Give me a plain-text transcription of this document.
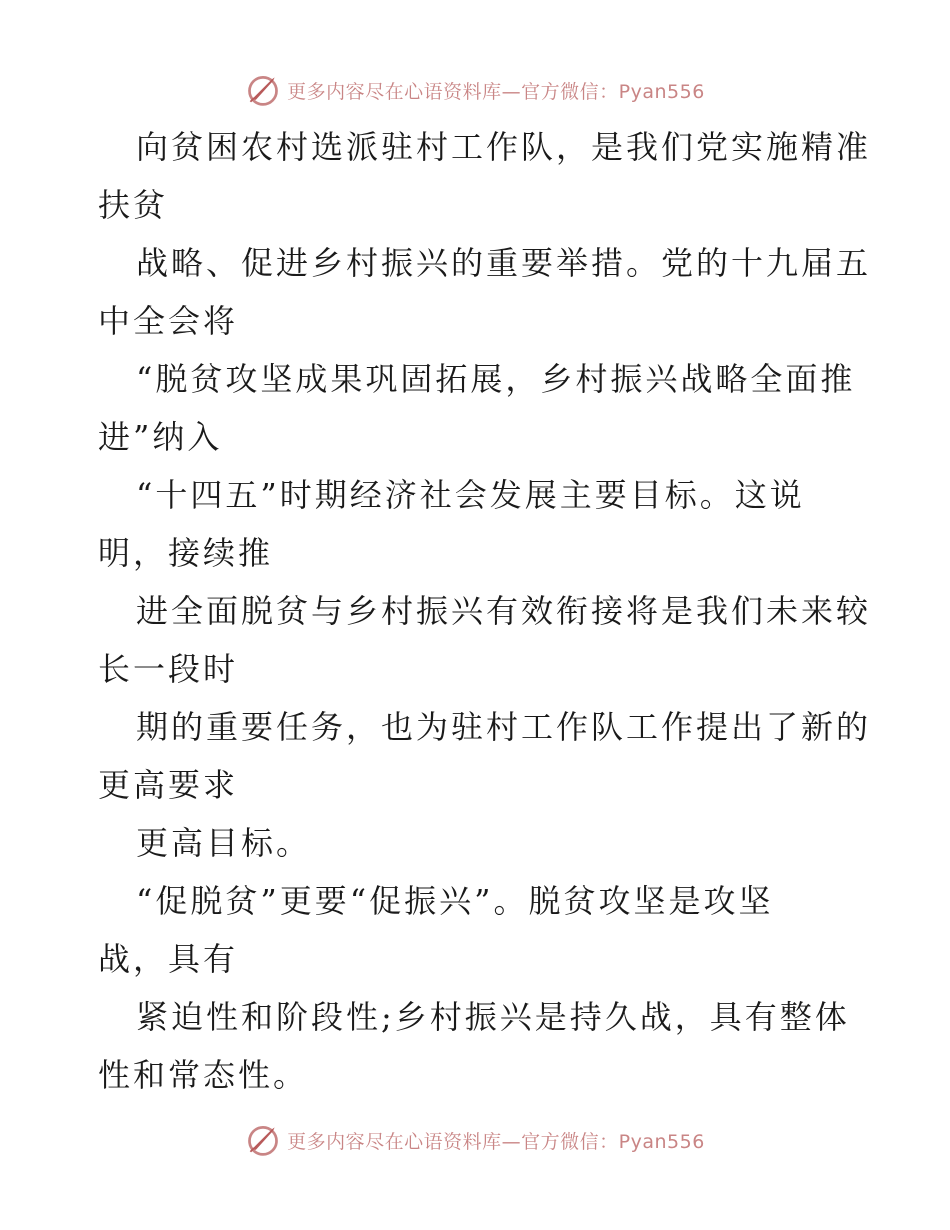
更多内容尽在心语资料库—官方微信：Pyan556
向贫困农村选派驻村工作队，是我们党实施精准
扶贫
战略、促进乡村振兴的重要举措。党的十九届五
中全会将
“脱贫攻坚成果巩固拓展，乡村振兴战略全面推
进”纳入
“十四五”时期经济社会发展主要目标。这说
明，接续推
进全面脱贫与乡村振兴有效衔接将是我们未来较
长一段时
期的重要任务，也为驻村工作队工作提出了新的
更高要求
更高目标。
“促脱贫”更要“促振兴”。脱贫攻坚是攻坚
战，具有
紧迫性和阶段性;乡村振兴是持久战，具有整体
性和常态性。
更多内容尽在心语资料库—官方微信：Pyan556
